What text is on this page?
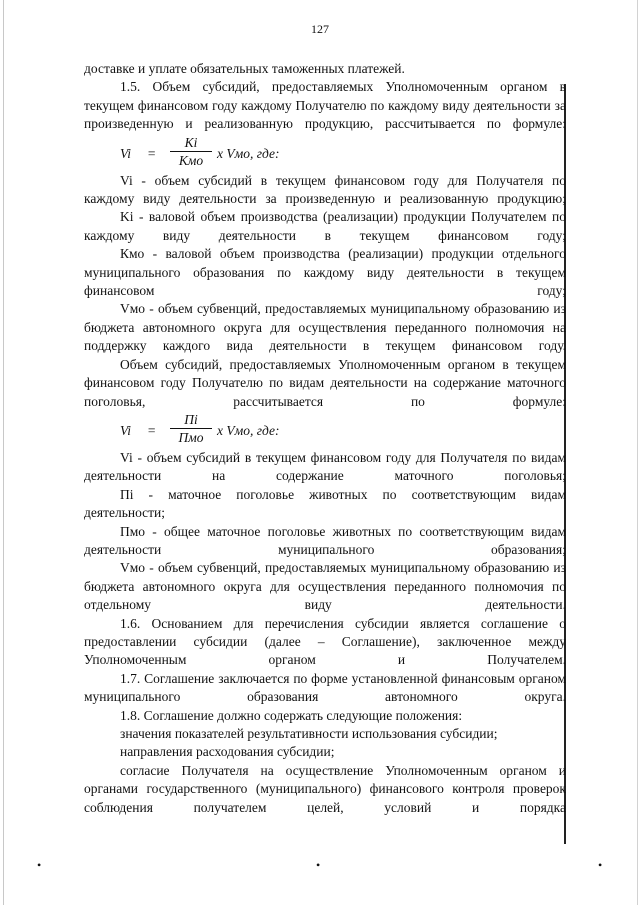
127

доставке и уплате обязательных таможенных платежей.

1.5. Объем субсидий, предоставляемых Уполномоченным органом в текущем финансовом году каждому Получателю по каждому виду деятельности за произведенную и реализованную продукцию, рассчитывается по формуле:

Vi =
Ki
Кмо	х Vмо, где:

Vi - объем субсидий в текущем финансовом году для Получателя по каждому виду деятельности за произведенную и реализованную продукцию;

Ki - валовой объем производства (реализации) продукции Получателем по каждому виду деятельности в текущем финансовом году;

Кмо - валовой объем производства (реализации) продукции отдельного муниципального образования по каждому виду деятельности в текущем финансовом году;

Vмо - объем субвенций, предоставляемых муниципальному образованию из бюджета автономного округа для осуществления переданного полномочия на поддержку каждого вида деятельности в текущем финансовом году.

Объем субсидий, предоставляемых Уполномоченным органом в текущем финансовом году Получателю по видам деятельности на содержание маточного поголовья, рассчитывается по формуле:

Vi =
Пi
Пмо х Vмо, где:

Vi - объем субсидий в текущем финансовом году для Получателя по видам деятельности на содержание маточного поголовья;

Пi - маточное поголовье животных по соответствующим видам деятельности;

Пмо - общее маточное поголовье животных по соответствующим видам деятельности муниципального образования;

Vмо - объем субвенций, предоставляемых муниципальному образованию из бюджета автономного округа для осуществления переданного полномочия по отдельному виду деятельности.

1.6. Основанием для перечисления субсидии является соглашение о предоставлении субсидии (далее – Соглашение), заключенное между Уполномоченным органом и Получателем.

1.7. Соглашение заключается по форме установленной финансовым органом муниципального образования автономного округа.

1.8. Соглашение должно содержать следующие положения:

значения показателей результативности использования субсидии;

направления расходования субсидии;

согласие Получателя на осуществление Уполномоченным органом и органами государственного (муниципального) финансового контроля проверок соблюдения получателем целей, условий и порядка

•	•	•
